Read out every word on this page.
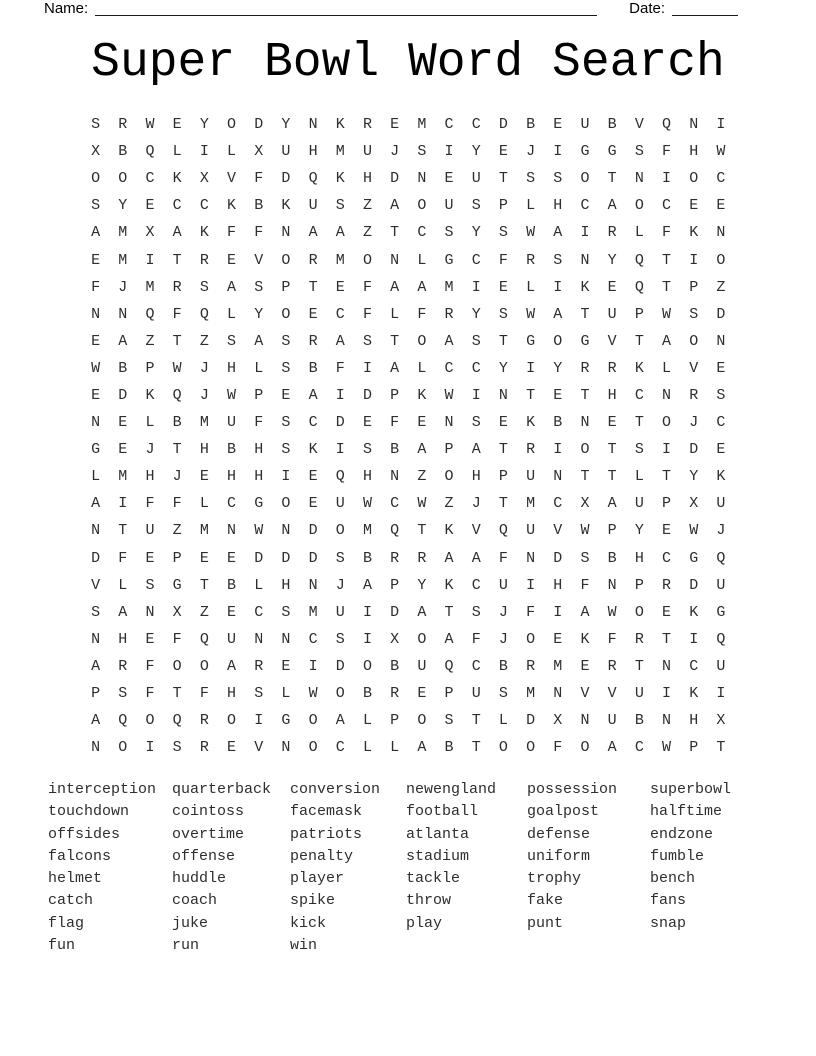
Name:	Date:
Super Bowl Word Search
S	R	W	E	Y	O	D	Y	N	K	R	E	M	C	C	D	B	E	U	B	V	Q	N	I
X	B	Q	L	I	L	X	U	H	M	U	J	S	I	Y	E	J	I	G	G	S	F	H	W
O	O	C	K	X	V	F	D	Q	K	H	D	N	E	U	T	S	S	O	T	N	I	O	C
S	Y	E	C	C	K	B	K	U	S	Z	A	O	U	S	P	L	H	C	A	O	C	E	E
A	M	X	A	K	F	F	N	A	A	Z	T	C	S	Y	S	W	A	I	R	L	F	K	N
E	M	I	T	R	E	V	O	R	M	O	N	L	G	C	F	R	S	N	Y	Q	T	I	O
F	J	M	R	S	A	S	P	T	E	F	A	A	M	I	E	L	I	K	E	Q	T	P	Z
N	N	Q	F	Q	L	Y	O	E	C	F	L	F	R	Y	S	W	A	T	U	P	W	S	D
E	A	Z	T	Z	S	A	S	R	A	S	T	O	A	S	T	G	O	G	V	T	A	O	N
W	B	P	W	J	H	L	S	B	F	I	A	L	C	C	Y	I	Y	R	R	K	L	V	E
E	D	K	Q	J	W	P	E	A	I	D	P	K	W	I	N	T	E	T	H	C	N	R	S
N	E	L	B	M	U	F	S	C	D	E	F	E	N	S	E	K	B	N	E	T	O	J	C
G	E	J	T	H	B	H	S	K	I	S	B	A	P	A	T	R	I	O	T	S	I	D	E
L	M	H	J	E	H	H	I	E	Q	H	N	Z	O	H	P	U	N	T	T	L	T	Y	K
A	I	F	F	L	C	G	O	E	U	W	C	W	Z	J	T	M	C	X	A	U	P	X	U
N	T	U	Z	M	N	W	N	D	O	M	Q	T	K	V	Q	U	V	W	P	Y	E	W	J
D	F	E	P	E	E	D	D	D	S	B	R	R	A	A	F	N	D	S	B	H	C	G	Q
V	L	S	G	T	B	L	H	N	J	A	P	Y	K	C	U	I	H	F	N	P	R	D	U
S	A	N	X	Z	E	C	S	M	U	I	D	A	T	S	J	F	I	A	W	O	E	K	G
N	H	E	F	Q	U	N	N	C	S	I	X	O	A	F	J	O	E	K	F	R	T	I	Q
A	R	F	O	O	A	R	E	I	D	O	B	U	Q	C	B	R	M	E	R	T	N	C	U
P	S	F	T	F	H	S	L	W	O	B	R	E	P	U	S	M	N	V	V	U	I	K	I
A	Q	O	Q	R	O	I	G	O	A	L	P	O	S	T	L	D	X	N	U	B	N	H	X
N	O	I	S	R	E	V	N	O	C	L	L	A	B	T	O	O	F	O	A	C	W	P	T
interception
touchdown
offsides
falcons
helmet
catch
flag
fun
quarterback
cointoss
overtime
offense
huddle
coach
juke
run
conversion
facemask
patriots
penalty
player
spike
kick
win
newengland
football
atlanta
stadium
tackle
throw
play
possession
goalpost
defense
uniform
trophy
fake
punt
superbowl
halftime
endzone
fumble
bench
fans
snap
